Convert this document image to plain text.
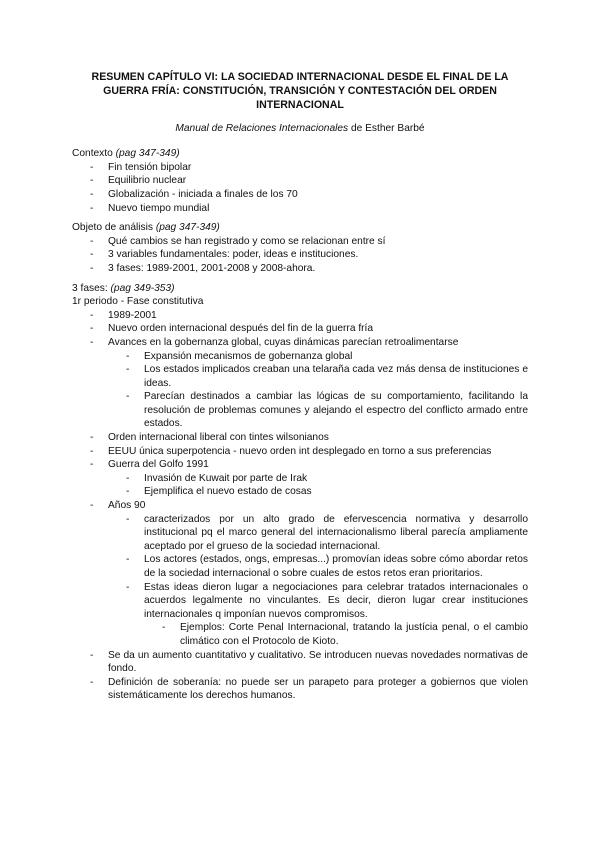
RESUMEN CAPÍTULO VI: LA SOCIEDAD INTERNACIONAL DESDE EL FINAL DE LA GUERRA FRÍA: CONSTITUCIÓN, TRANSICIÓN Y CONTESTACIÓN DEL ORDEN INTERNACIONAL
Manual de Relaciones Internacionales de Esther Barbé

Contexto (pag 347-349)

- Fin tensión bipolar
- Equilibrio nuclear
- Globalización - iniciada a finales de los 70
- Nuevo tiempo mundial

Objeto de análisis (pag 347-349)

- Qué cambios se han registrado y como se relacionan entre sí
- 3 variables fundamentales: poder, ideas e instituciones.
- 3 fases: 1989-2001, 2001-2008 y 2008-ahora.

3 fases: (pag 349-353)

1r periodo - Fase constitutiva

- 1989-2001
- Nuevo orden internacional después del fin de la guerra fría
- Avances en la gobernanza global, cuyas dinámicas parecían retroalimentarse
- Expansión mecanismos de gobernanza global
- Los estados implicados creaban una telaraña cada vez más densa de instituciones e ideas.
- Parecían destinados a cambiar las lógicas de su comportamiento, facilitando la resolución de problemas comunes y alejando el espectro del conflicto armado entre estados.
- Orden internacional liberal con tintes wilsonianos
- EEUU única superpotencia - nuevo orden int desplegado en torno a sus preferencias
- Guerra del Golfo 1991
- Invasión de Kuwait por parte de Irak
- Ejemplifica el nuevo estado de cosas
- Años 90
- caracterizados por un alto grado de efervescencia normativa y desarrollo institucional pq el marco general del internacionalismo liberal parecía ampliamente aceptado por el grueso de la sociedad internacional.
- Los actores (estados, ongs, empresas...) promovían ideas sobre cómo abordar retos de la sociedad internacional o sobre cuales de estos retos eran prioritarios.
- Estas ideas dieron lugar a negociaciones para celebrar tratados internacionales o acuerdos legalmente no vinculantes. Es decir, dieron lugar crear instituciones internacionales q imponían nuevos compromisos.
- Ejemplos: Corte Penal Internacional, tratando la justícia penal, o el cambio climático con el Protocolo de Kioto.
- Se da un aumento cuantitativo y cualitativo. Se introducen nuevas novedades normativas de fondo.
- Definición de soberanía: no puede ser un parapeto para proteger a gobiernos que violen sistemáticamente los derechos humanos.
